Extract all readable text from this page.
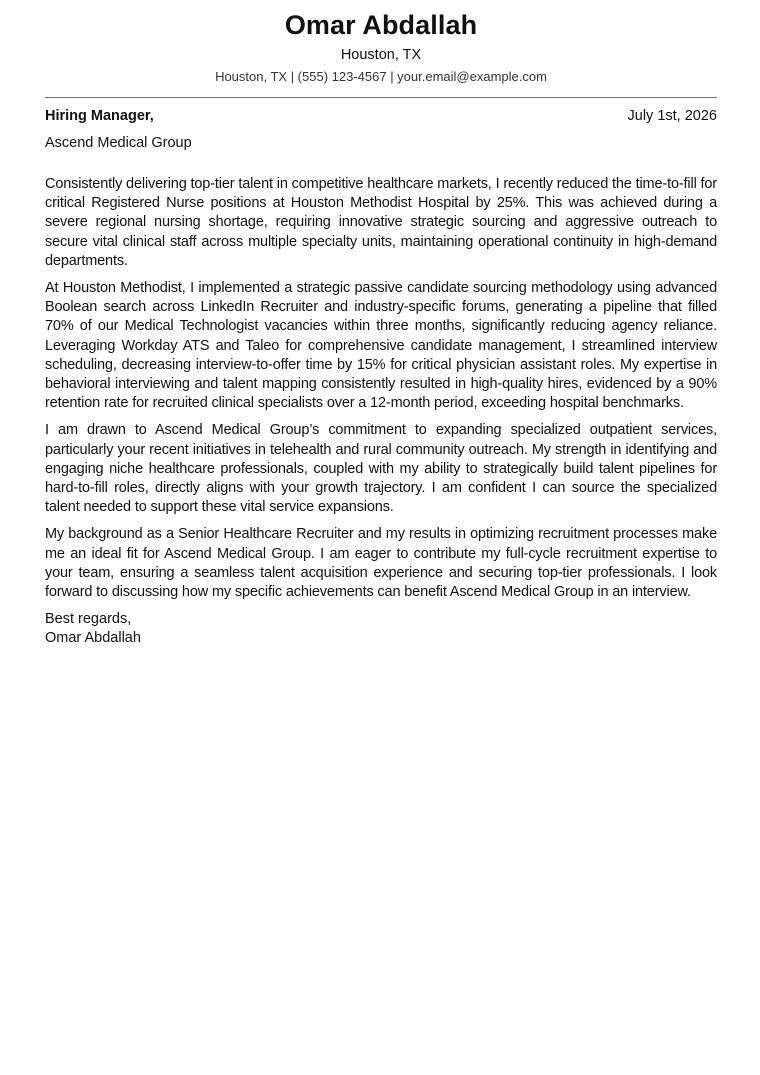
Omar Abdallah
Houston, TX
Houston, TX | (555) 123-4567 | your.email@example.com
Hiring Manager,	July 1st, 2026
Ascend Medical Group

Consistently delivering top-tier talent in competitive healthcare markets, I recently reduced the time-to-fill for critical Registered Nurse positions at Houston Methodist Hospital by 25%. This was achieved during a severe regional nursing shortage, requiring innovative strategic sourcing and aggressive outreach to secure vital clinical staff across multiple specialty units, maintaining operational continuity in high-demand departments.

At Houston Methodist, I implemented a strategic passive candidate sourcing methodology using advanced Boolean search across LinkedIn Recruiter and industry-specific forums, generating a pipeline that filled 70% of our Medical Technologist vacancies within three months, significantly reducing agency reliance. Leveraging Workday ATS and Taleo for comprehensive candidate management, I streamlined interview scheduling, decreasing interview-to-offer time by 15% for critical physician assistant roles. My expertise in behavioral interviewing and talent mapping consistently resulted in high-quality hires, evidenced by a 90% retention rate for recruited clinical specialists over a 12-month period, exceeding hospital benchmarks.

I am drawn to Ascend Medical Group’s commitment to expanding specialized outpatient services, particularly your recent initiatives in telehealth and rural community outreach. My strength in identifying and engaging niche healthcare professionals, coupled with my ability to strategically build talent pipelines for hard-to-fill roles, directly aligns with your growth trajectory. I am confident I can source the specialized talent needed to support these vital service expansions.

My background as a Senior Healthcare Recruiter and my results in optimizing recruitment processes make me an ideal fit for Ascend Medical Group. I am eager to contribute my full-cycle recruitment expertise to your team, ensuring a seamless talent acquisition experience and securing top-tier professionals. I look forward to discussing how my specific achievements can benefit Ascend Medical Group in an interview.

Best regards,
Omar Abdallah
